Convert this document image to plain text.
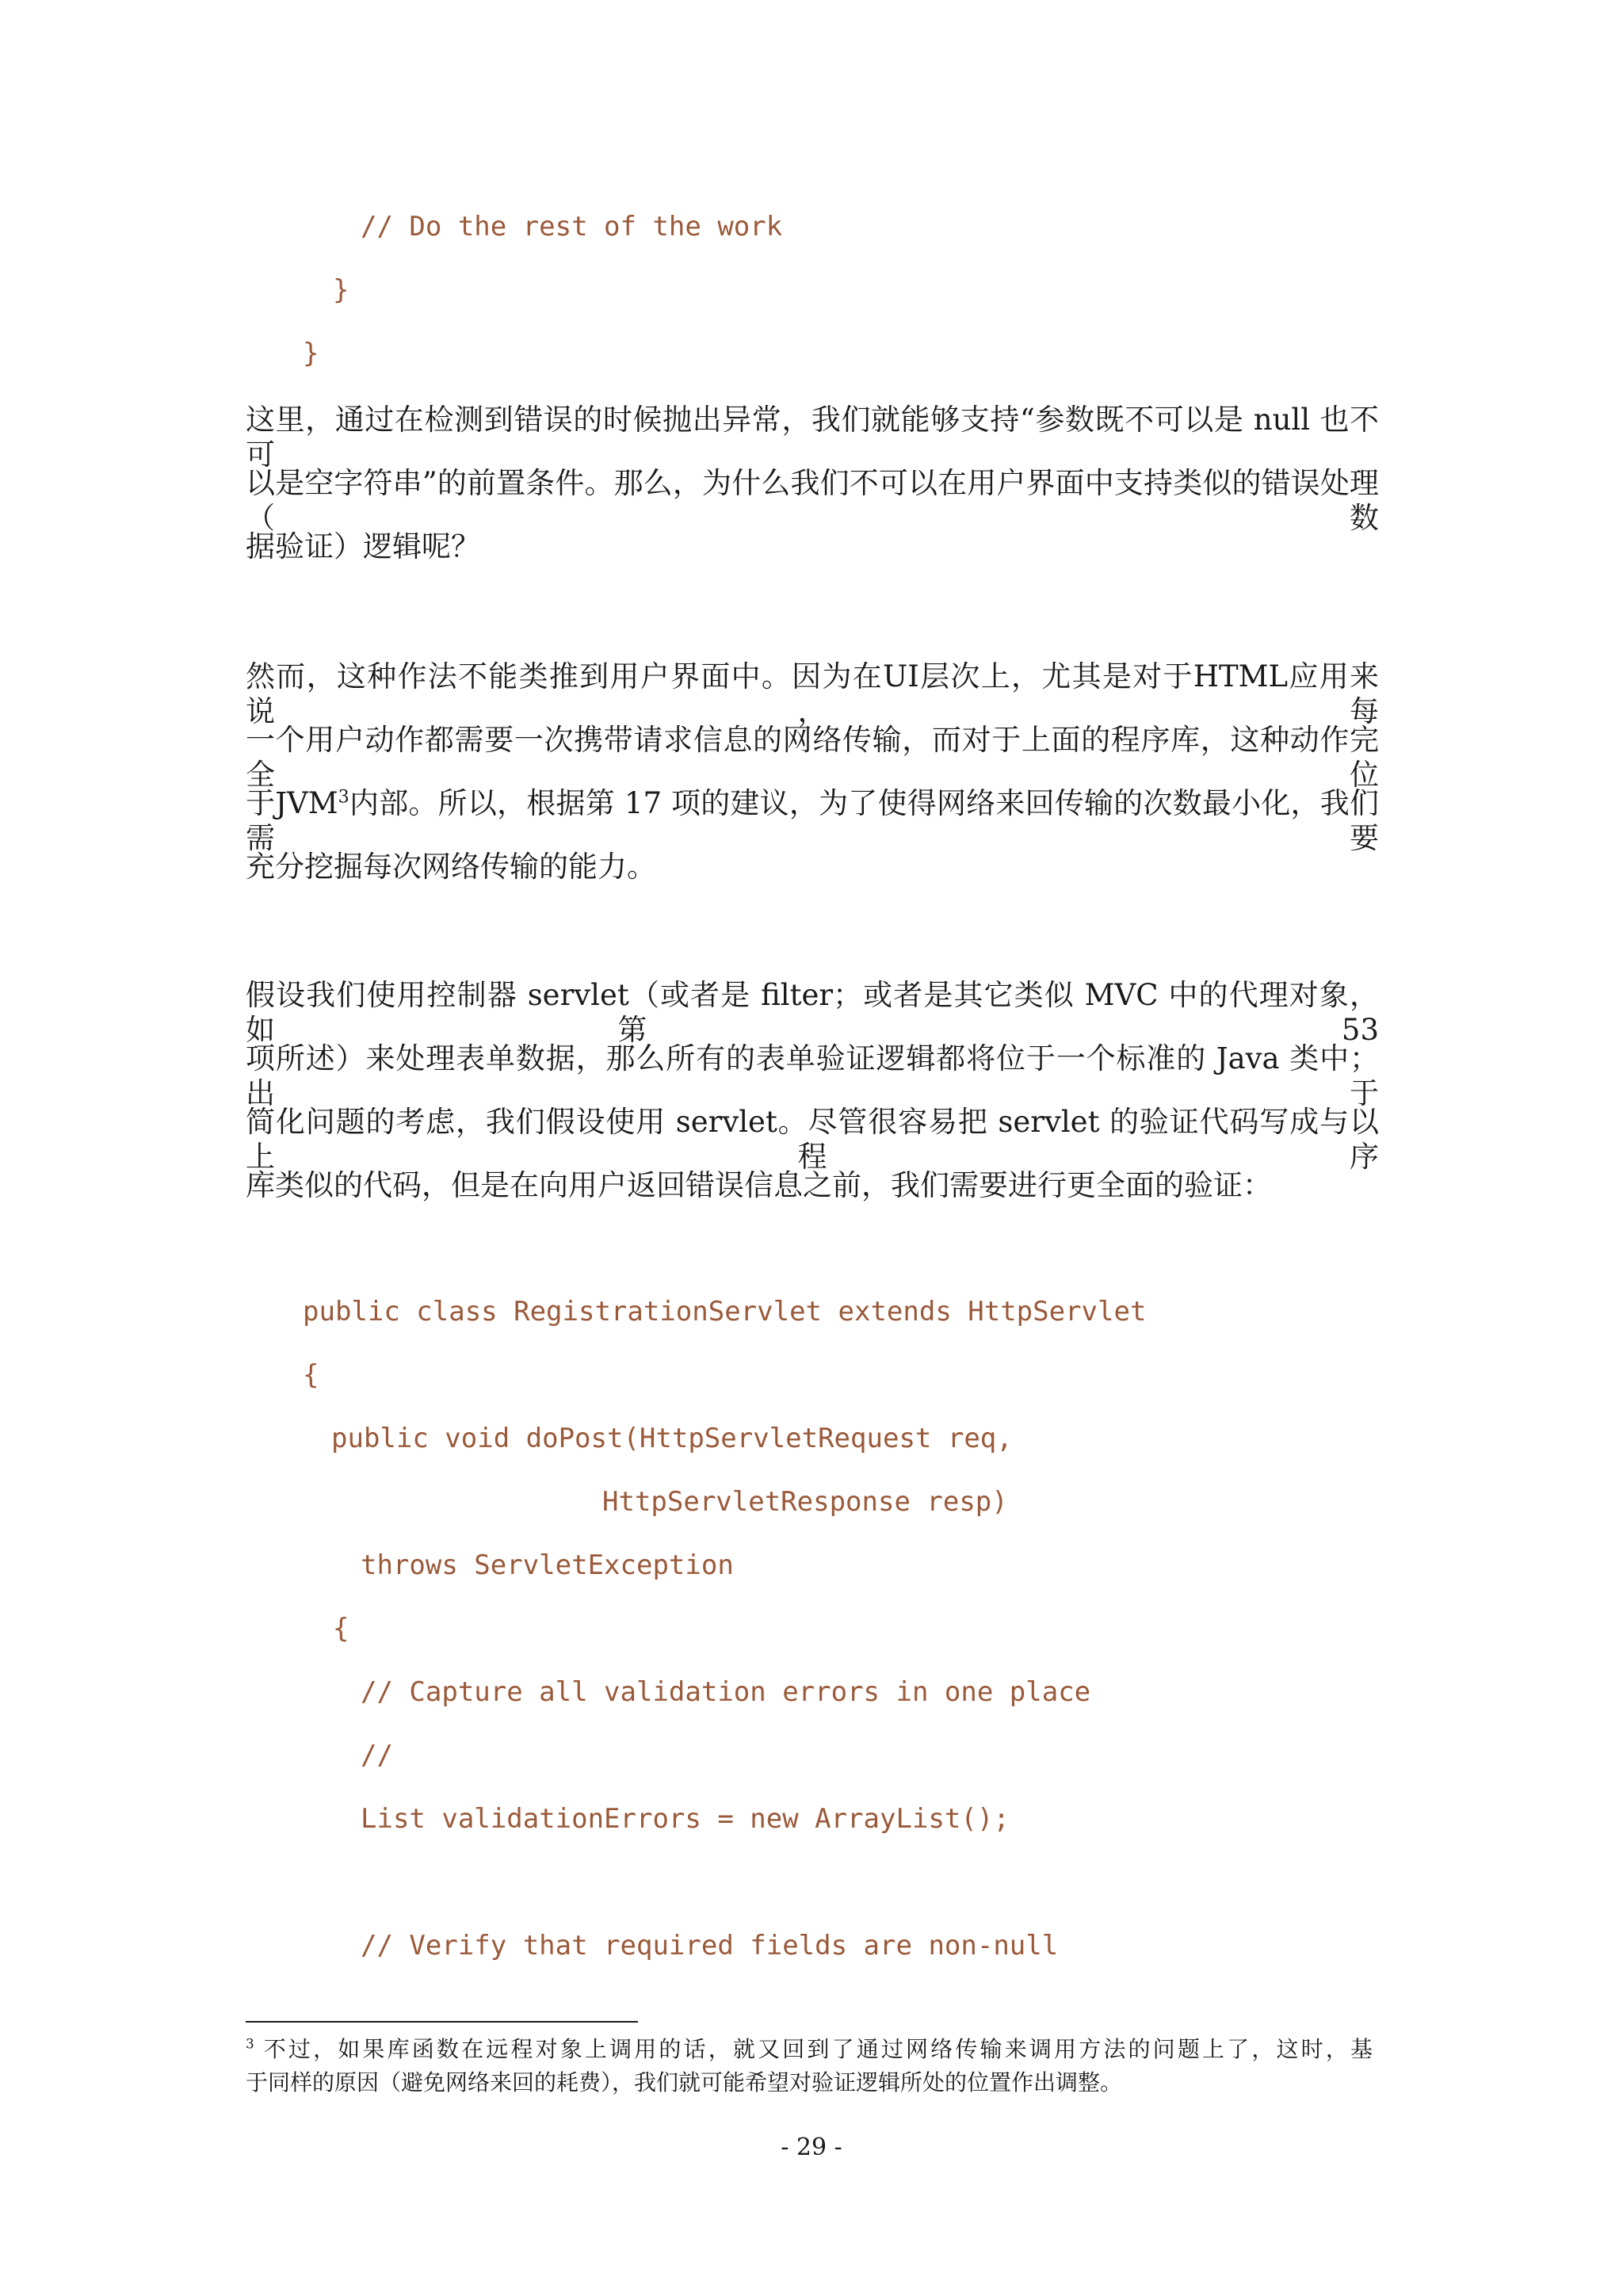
// Do the rest of the work
}
}
这里，通过在检测到错误的时候抛出异常，我们就能够支持“参数既不可以是 null 也不可
以是空字符串”的前置条件。那么，为什么我们不可以在用户界面中支持类似的错误处理（数
据验证）逻辑呢？
然而，这种作法不能类推到用户界面中。因为在UI层次上，尤其是对于HTML应用来说，每
一个用户动作都需要一次携带请求信息的网络传输，而对于上面的程序库，这种动作完全位
于JVM$^3$内部。所以，根据第 17 项的建议，为了使得网络来回传输的次数最小化，我们需要
充分挖掘每次网络传输的能力。
假设我们使用控制器 servlet（或者是 filter；或者是其它类似 MVC 中的代理对象，如第 53
项所述）来处理表单数据，那么所有的表单验证逻辑都将位于一个标准的 Java 类中；出于
简化问题的考虑，我们假设使用 servlet。尽管很容易把 servlet 的验证代码写成与以上程序
库类似的代码，但是在向用户返回错误信息之前，我们需要进行更全面的验证：
public class RegistrationServlet extends HttpServlet
{
public void doPost(HttpServletRequest req,
HttpServletResponse resp)
throws ServletException
{
// Capture all validation errors in one place
//
List validationErrors = new ArrayList();
// Verify that required fields are non-null
$^3$ 不过，如果库函数在远程对象上调用的话，就又回到了通过网络传输来调用方法的问题上了，这时，基
于同样的原因（避免网络来回的耗费），我们就可能希望对验证逻辑所处的位置作出调整。
- 29 -
